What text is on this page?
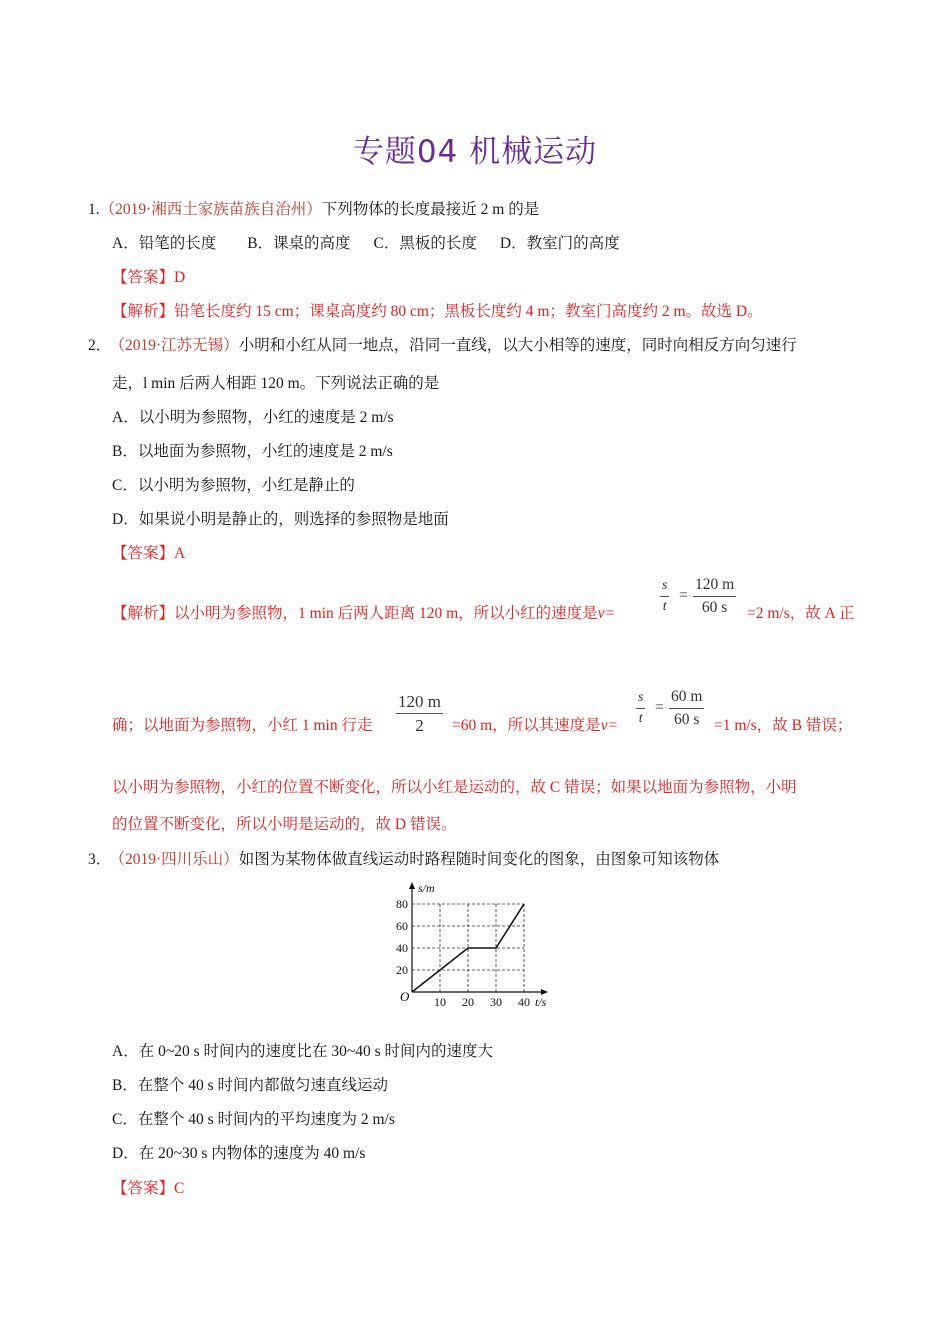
专题04 机械运动
1.（2019·湘西土家族苗族自治州）下列物体的长度最接近 2 m 的是
A．铅笔的长度 B．课桌的高度 C．黑板的长度 D．教室门的高度
【答案】D
【解析】铅笔长度约 15 cm；课桌高度约 80 cm；黑板长度约 4 m；教室门高度约 2 m。故选 D。
2． （2019·江苏无锡）小明和小红从同一地点，沿同一直线，以大小相等的速度，同时向相反方向匀速行
走，l min 后两人相距 120 m。下列说法正确的是
A．以小明为参照物，小红的速度是 2 m/s
B．以地面为参照物，小红的速度是 2 m/s
C．以小明为参照物，小红是静止的
D．如果说小明是静止的，则选择的参照物是地面
【答案】A
【解析】以小明为参照物，1 min 后两人距离 120 m，所以小红的速度是v=	$\frac{s}{t} = \frac{120 m}{60 s} =2$ m/s，故 A 正
确；以地面为参照物，小红 1 min 行走 $\frac{120 m}{2} =60$ m，所以其速度是$v= \frac{s}{t} = \frac{60 m}{60 s} =1$ m/s，故 B 错误；
以小明为参照物，小红的位置不断变化，所以小红是运动的，故 C 错误；如果以地面为参照物，小明
的位置不断变化，所以小明是运动的，故 D 错误。
3． （2019·四川乐山）如图为某物体做直线运动时路程随时间变化的图象，由图象可知该物体
10 20 30 40
20
40
60
80
O	t/s
s/m
A．在 0~20 s 时间内的速度比在 30~40 s 时间内的速度大
B．在整个 40 s 时间内都做匀速直线运动
C．在整个 40 s 时间内的平均速度为 2 m/s
D．在 20~30 s 内物体的速度为 40 m/s
【答案】C
